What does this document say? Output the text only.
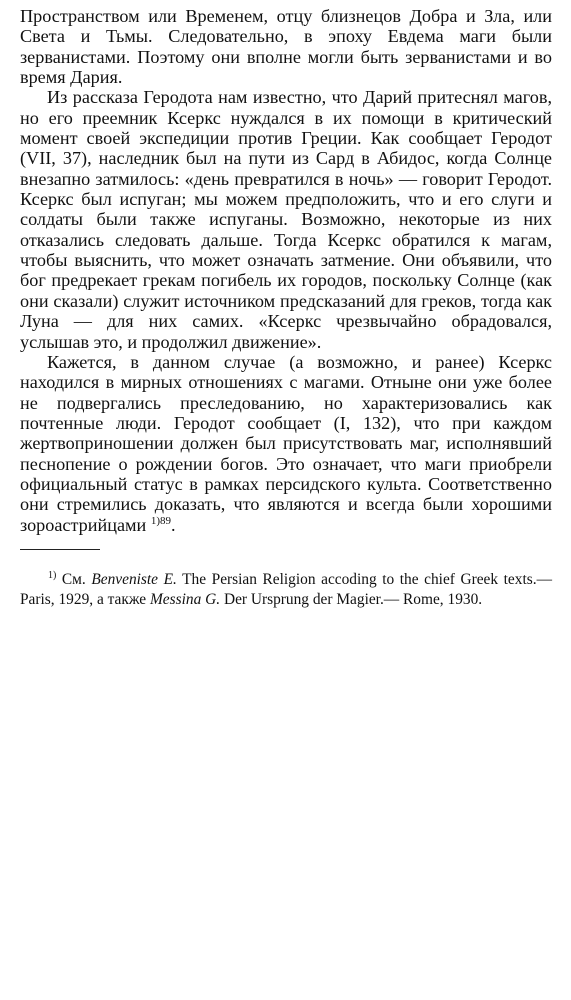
Пространством или Временем, отцу близнецов Добра и Зла, или Света и Тьмы. Следовательно, в эпоху Евдема маги были зерванистами. Поэтому они вполне могли быть зерванистами и во время Дария.

Из рассказа Геродота нам известно, что Дарий притеснял магов, но его преемник Ксеркс нуждался в их помощи в критический момент своей экспедиции против Греции. Как сообщает Геродот (VII, 37), наследник был на пути из Сард в Абидос, когда Солнце внезапно затмилось: «день превратился в ночь» — говорит Геродот. Ксеркс был испуган; мы можем предположить, что и его слуги и солдаты были также испуганы. Возможно, некоторые из них отказались следовать дальше. Тогда Ксеркс обратился к магам, чтобы выяснить, что может означать затмение. Они объявили, что бог предрекает грекам погибель их городов, поскольку Солнце (как они сказали) служит источником предсказаний для греков, тогда как Луна — для них самих. «Ксеркс чрезвычайно обрадовался, услышав это, и продолжил движение».

Кажется, в данном случае (а возможно, и ранее) Ксеркс находился в мирных отношениях с магами. Отныне они уже более не подвергались преследованию, но характеризовались как почтенные люди. Геродот сообщает (I, 132), что при каждом жертвоприношении должен был присутствовать маг, исполнявший песнопение о рождении богов. Это означает, что маги приобрели официальный статус в рамках персидского культа. Соответственно они стремились доказать, что являются и всегда были хорошими зороастрийцами $^{1)89}$.

$^{1)}$ См. Benveniste E. The Persian Religion accoding to the chief Greek texts.— Paris, 1929, а также Messina G. Der Ursprung der Magier.— Rome, 1930.
